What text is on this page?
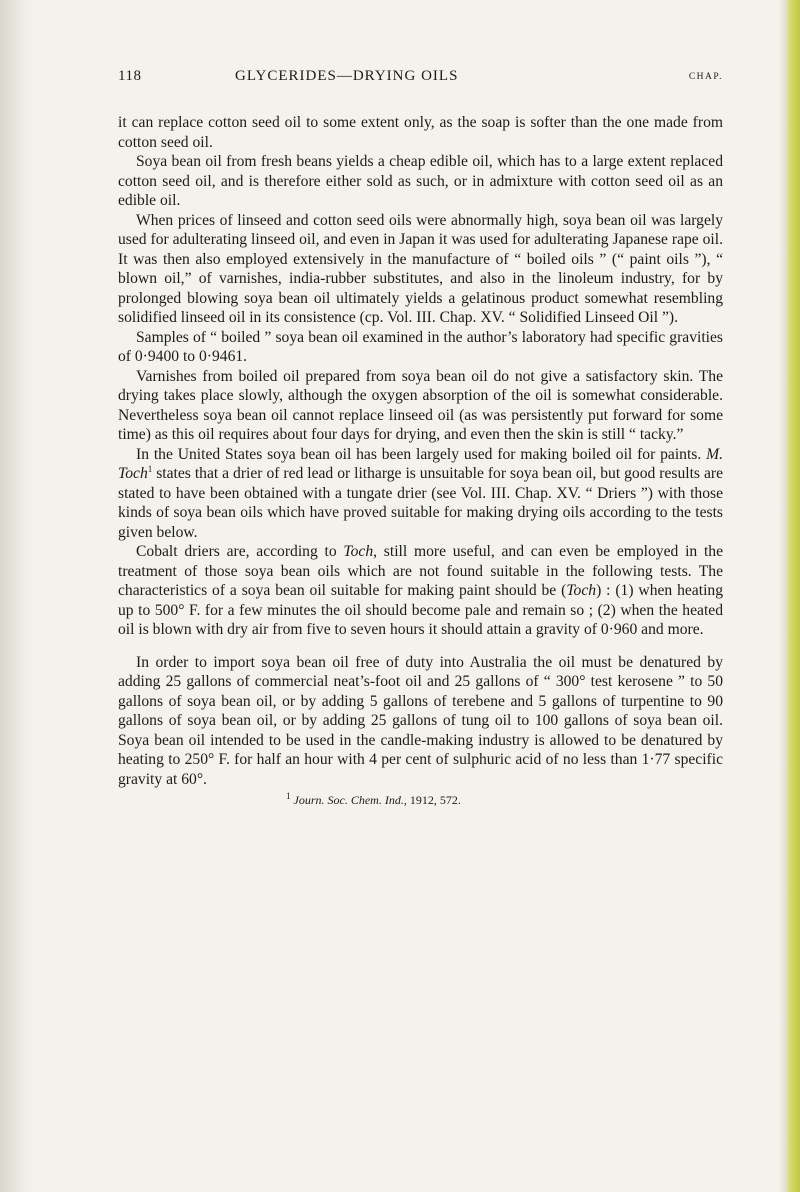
118	GLYCERIDES—DRYING OILS	CHAP.

it can replace cotton seed oil to some extent only, as the soap is softer than the one made from cotton seed oil.

Soya bean oil from fresh beans yields a cheap edible oil, which has to a large extent replaced cotton seed oil, and is therefore either sold as such, or in admixture with cotton seed oil as an edible oil.

When prices of linseed and cotton seed oils were abnormally high, soya bean oil was largely used for adulterating linseed oil, and even in Japan it was used for adulterating Japanese rape oil. It was then also employed extensively in the manufacture of “ boiled oils ” (“ paint oils ”), “ blown oil,” of varnishes, india-rubber substitutes, and also in the linoleum industry, for by prolonged blowing soya bean oil ultimately yields a gelatinous product somewhat resembling solidified linseed oil in its consistence (cp. Vol. III. Chap. XV. “ Solidified Linseed Oil ”).

Samples of “ boiled ” soya bean oil examined in the author’s laboratory had specific gravities of 0·9400 to 0·9461.

Varnishes from boiled oil prepared from soya bean oil do not give a satisfactory skin. The drying takes place slowly, although the oxygen absorption of the oil is somewhat considerable. Nevertheless soya bean oil cannot replace linseed oil (as was persistently put forward for some time) as this oil requires about four days for drying, and even then the skin is still “ tacky.”

In the United States soya bean oil has been largely used for making boiled oil for paints. M. Toch$^1$ states that a drier of red lead or litharge is unsuitable for soya bean oil, but good results are stated to have been obtained with a tungate drier (see Vol. III. Chap. XV. “ Driers ”) with those kinds of soya bean oils which have proved suitable for making drying oils according to the tests given below.

Cobalt driers are, according to Toch, still more useful, and can even be employed in the treatment of those soya bean oils which are not found suitable in the following tests. The characteristics of a soya bean oil suitable for making paint should be (Toch) : (1) when heating up to 500° F. for a few minutes the oil should become pale and remain so ; (2) when the heated oil is blown with dry air from five to seven hours it should attain a gravity of 0·960 and more.

In order to import soya bean oil free of duty into Australia the oil must be denatured by adding 25 gallons of commercial neat’s-foot oil and 25 gallons of “ 300° test kerosene ” to 50 gallons of soya bean oil, or by adding 5 gallons of terebene and 5 gallons of turpentine to 90 gallons of soya bean oil, or by adding 25 gallons of tung oil to 100 gallons of soya bean oil. Soya bean oil intended to be used in the candle-making industry is allowed to be denatured by heating to 250° F. for half an hour with 4 per cent of sulphuric acid of no less than 1·77 specific gravity at 60°.

$^1$ Journ. Soc. Chem. Ind., 1912, 572.
